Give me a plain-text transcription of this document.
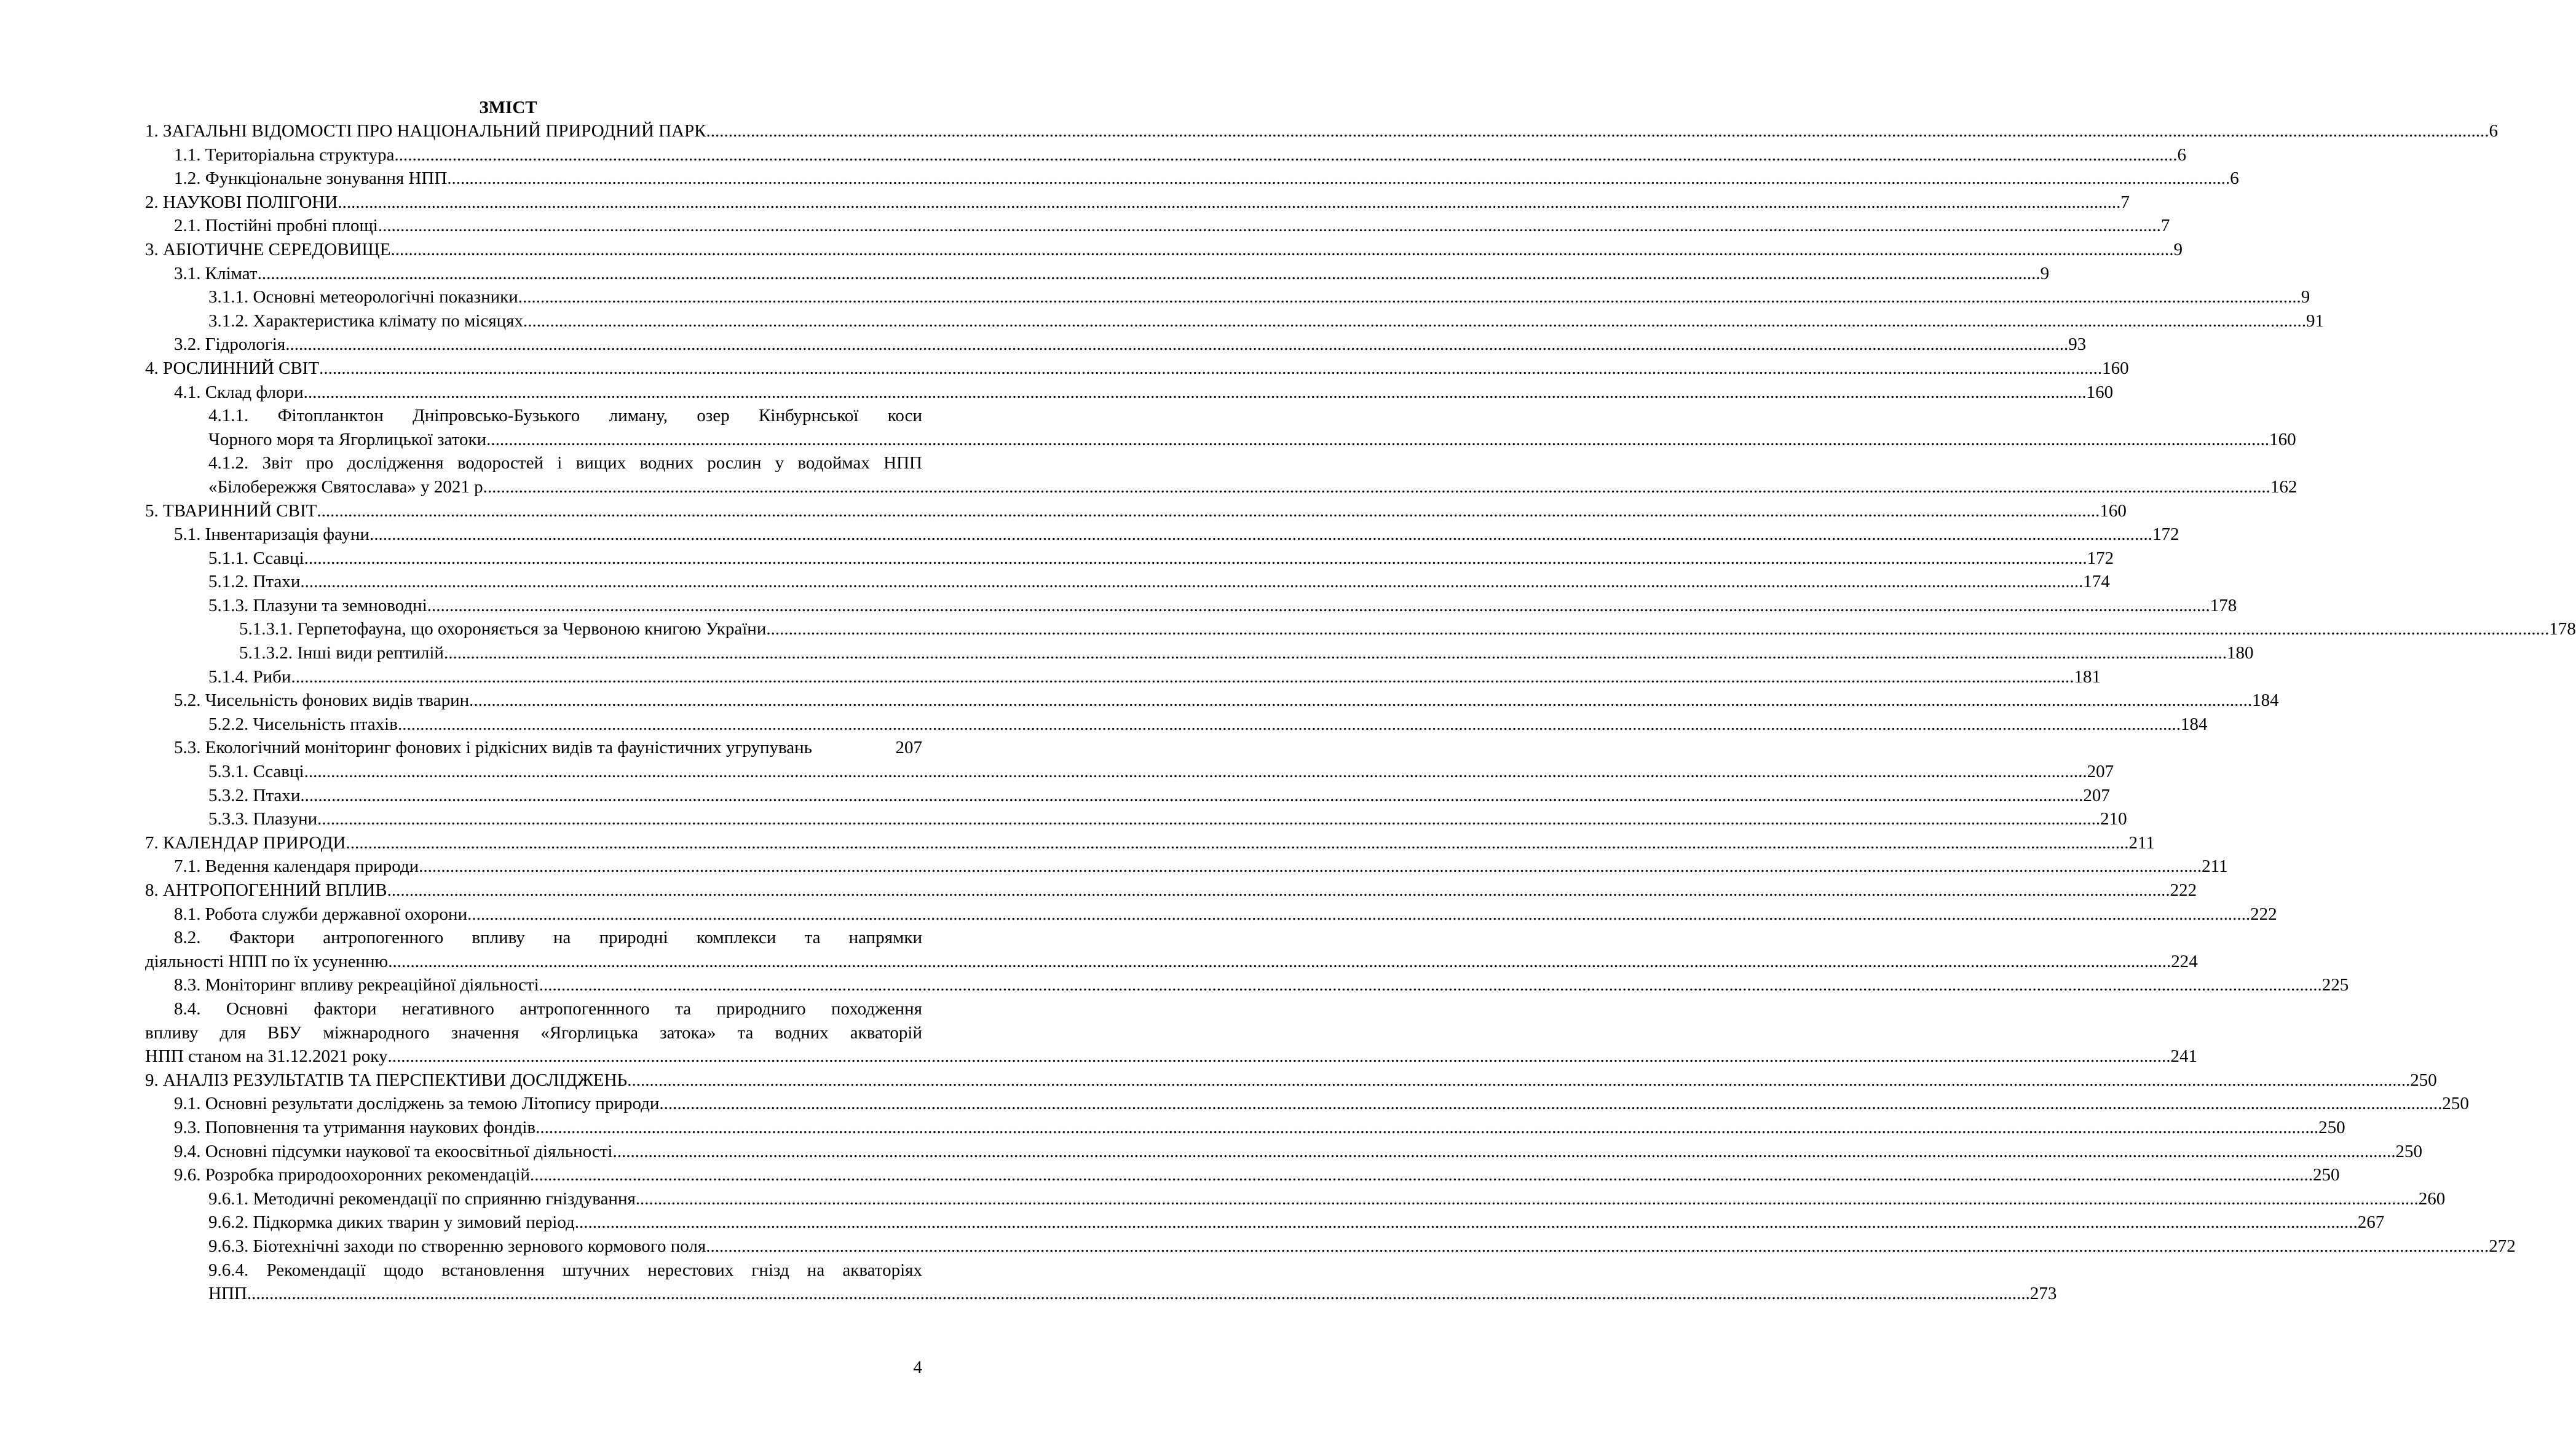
ЗМІСТ
1. ЗАГАЛЬНІ ВІДОМОСТІ ПРО НАЦІОНАЛЬНИЙ ПРИРОДНИЙ ПАРК ................................................................................................................................................................................................................................................................................................................................................................................................................ 6
1.1. Територіальна структура ................................................................................................................................................................................................................................................................................................................................................................................................................ 6
1.2. Функціональне зонування НПП ................................................................................................................................................................................................................................................................................................................................................................................................................ 6
2. НАУКОВІ ПОЛІГОНИ ................................................................................................................................................................................................................................................................................................................................................................................................................ 7
2.1. Постійні пробні площі ................................................................................................................................................................................................................................................................................................................................................................................................................ 7
3. АБІОТИЧНЕ СЕРЕДОВИЩЕ ................................................................................................................................................................................................................................................................................................................................................................................................................ 9
3.1. Клімат ................................................................................................................................................................................................................................................................................................................................................................................................................ 9
3.1.1. Основні метеорологічні показники ................................................................................................................................................................................................................................................................................................................................................................................................................ 9
3.1.2. Характеристика клімату по місяцях ................................................................................................................................................................................................................................................................................................................................................................................................................ 91
3.2. Гідрологія ................................................................................................................................................................................................................................................................................................................................................................................................................ 93
4. РОСЛИННИЙ СВІТ ................................................................................................................................................................................................................................................................................................................................................................................................................ 160
4.1. Склад флори ................................................................................................................................................................................................................................................................................................................................................................................................................ 160
4.1.1. Фітопланктон Дніпровсько-Бузького лиману, озер Кінбурнської коси
Чорного моря та Ягорлицької затоки ................................................................................................................................................................................................................................................................................................................................................................................................................ 160
4.1.2. Звіт про дослідження водоростей і вищих водних рослин у водоймах НПП
«Білобережжя Святослава» у 2021 р. ................................................................................................................................................................................................................................................................................................................................................................................................................ 162
5. ТВАРИННИЙ СВІТ ................................................................................................................................................................................................................................................................................................................................................................................................................ 160
5.1. Інвентаризація фауни ................................................................................................................................................................................................................................................................................................................................................................................................................ 172
5.1.1. Ссавці ................................................................................................................................................................................................................................................................................................................................................................................................................ 172
5.1.2. Птахи ................................................................................................................................................................................................................................................................................................................................................................................................................ 174
5.1.3. Плазуни та земноводні ................................................................................................................................................................................................................................................................................................................................................................................................................ 178
5.1.3.1. Герпетофауна, що охороняється за Червоною книгою України ................................................................................................................................................................................................................................................................................................................................................................................................................ 178
5.1.3.2. Інші види рептилій ................................................................................................................................................................................................................................................................................................................................................................................................................ 180
5.1.4. Риби ................................................................................................................................................................................................................................................................................................................................................................................................................ 181
5.2. Чисельність фонових видів тварин ................................................................................................................................................................................................................................................................................................................................................................................................................ 184
5.2.2. Чисельність птахів ................................................................................................................................................................................................................................................................................................................................................................................................................ 184
5.3. Екологічний моніторинг фонових і рідкісних видів та фауністичних угрупувань	207
5.3.1. Ссавці ................................................................................................................................................................................................................................................................................................................................................................................................................ 207
5.3.2. Птахи ................................................................................................................................................................................................................................................................................................................................................................................................................ 207
5.3.3. Плазуни ................................................................................................................................................................................................................................................................................................................................................................................................................ 210
7. КАЛЕНДАР ПРИРОДИ ................................................................................................................................................................................................................................................................................................................................................................................................................ 211
7.1. Ведення календаря природи ................................................................................................................................................................................................................................................................................................................................................................................................................ 211
8. АНТРОПОГЕННИЙ ВПЛИВ ................................................................................................................................................................................................................................................................................................................................................................................................................ 222
8.1. Робота служби державної охорони ................................................................................................................................................................................................................................................................................................................................................................................................................ 222
8.2. Фактори антропогенного впливу на природні комплекси та напрямки
діяльності НПП по їх усуненню ................................................................................................................................................................................................................................................................................................................................................................................................................ 224
8.3. Моніторинг впливу рекреаційної діяльності ................................................................................................................................................................................................................................................................................................................................................................................................................ 225
8.4. Основні фактори негативного антропогеннного та природниго походження
впливу для ВБУ міжнародного значення «Ягорлицька затока» та водних акваторій
НПП станом на 31.12.2021 року ................................................................................................................................................................................................................................................................................................................................................................................................................ 241
9. АНАЛІЗ РЕЗУЛЬТАТІВ ТА ПЕРСПЕКТИВИ ДОСЛІДЖЕНЬ ................................................................................................................................................................................................................................................................................................................................................................................................................ 250
9.1. Основні результати досліджень за темою Літопису природи ................................................................................................................................................................................................................................................................................................................................................................................................................ 250
9.3. Поповнення та утримання наукових фондів ................................................................................................................................................................................................................................................................................................................................................................................................................ 250
9.4. Основні підсумки наукової та екоосвітньої діяльності ................................................................................................................................................................................................................................................................................................................................................................................................................ 250
9.6. Розробка природоохоронних рекомендацій ................................................................................................................................................................................................................................................................................................................................................................................................................ 250
9.6.1. Методичні рекомендації по сприянню гніздування ................................................................................................................................................................................................................................................................................................................................................................................................................ 260
9.6.2. Підкормка диких тварин у зимовий період ................................................................................................................................................................................................................................................................................................................................................................................................................ 267
9.6.3. Біотехнічні заходи по створенню зернового кормового поля ................................................................................................................................................................................................................................................................................................................................................................................................................ 272
9.6.4. Рекомендації щодо встановлення штучних нерестових гнізд на акваторіях
НПП ................................................................................................................................................................................................................................................................................................................................................................................................................ 273
4
